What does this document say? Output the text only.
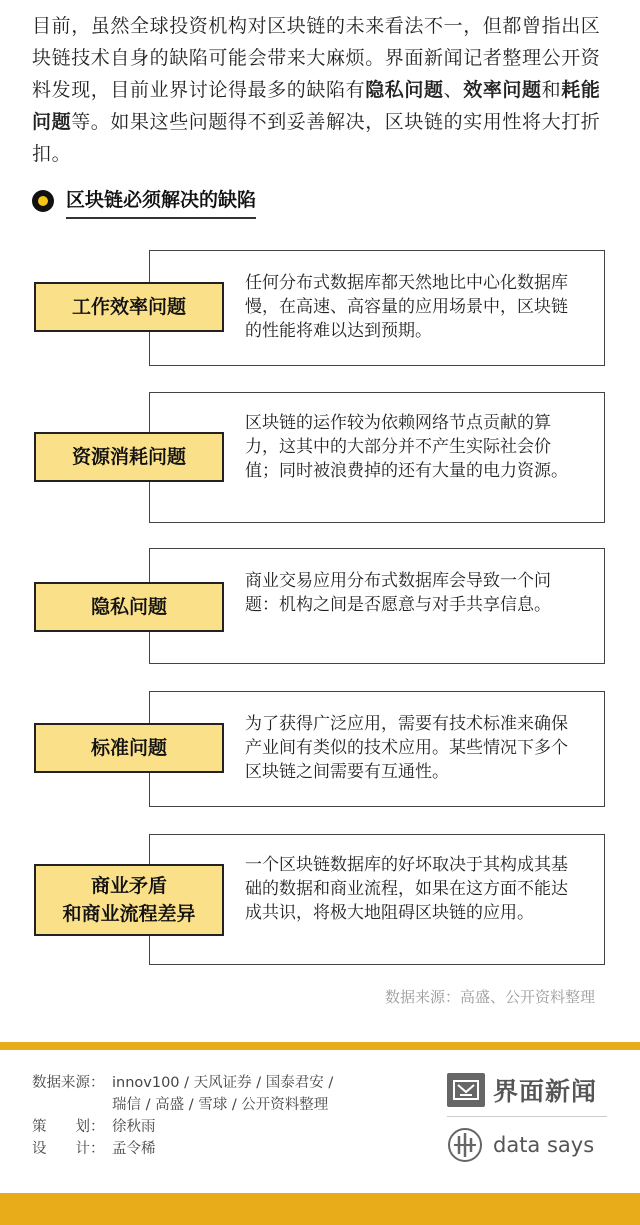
目前，虽然全球投资机构对区块链的未来看法不一，但都曾指出区块链技术自身的缺陷可能会带来大麻烦。界面新闻记者整理公开资料发现，目前业界讨论得最多的缺陷有隐私问题、效率问题和耗能问题等。如果这些问题得不到妥善解决，区块链的实用性将大打折扣。
区块链必须解决的缺陷
任何分布式数据库都天然地比中心化数据库慢，在高速、高容量的应用场景中，区块链的性能将难以达到预期。
工作效率问题
区块链的运作较为依赖网络节点贡献的算力，这其中的大部分并不产生实际社会价值；同时被浪费掉的还有大量的电力资源。
资源消耗问题
商业交易应用分布式数据库会导致一个问题：机构之间是否愿意与对手共享信息。
隐私问题
为了获得广泛应用，需要有技术标准来确保产业间有类似的技术应用。某些情况下多个区块链之间需要有互通性。
标准问题
一个区块链数据库的好坏取决于其构成其基础的数据和商业流程，如果在这方面不能达成共识，将极大地阻碍区块链的应用。
商业矛盾
和商业流程差异
数据来源：高盛、公开资料整理
数据来源： innov100 / 天风证券 / 国泰君安 /
瑞信 / 高盛 / 雪球 / 公开资料整理
策　　划： 徐秋雨
设　　计： 孟令稀
界面新闻
data says
